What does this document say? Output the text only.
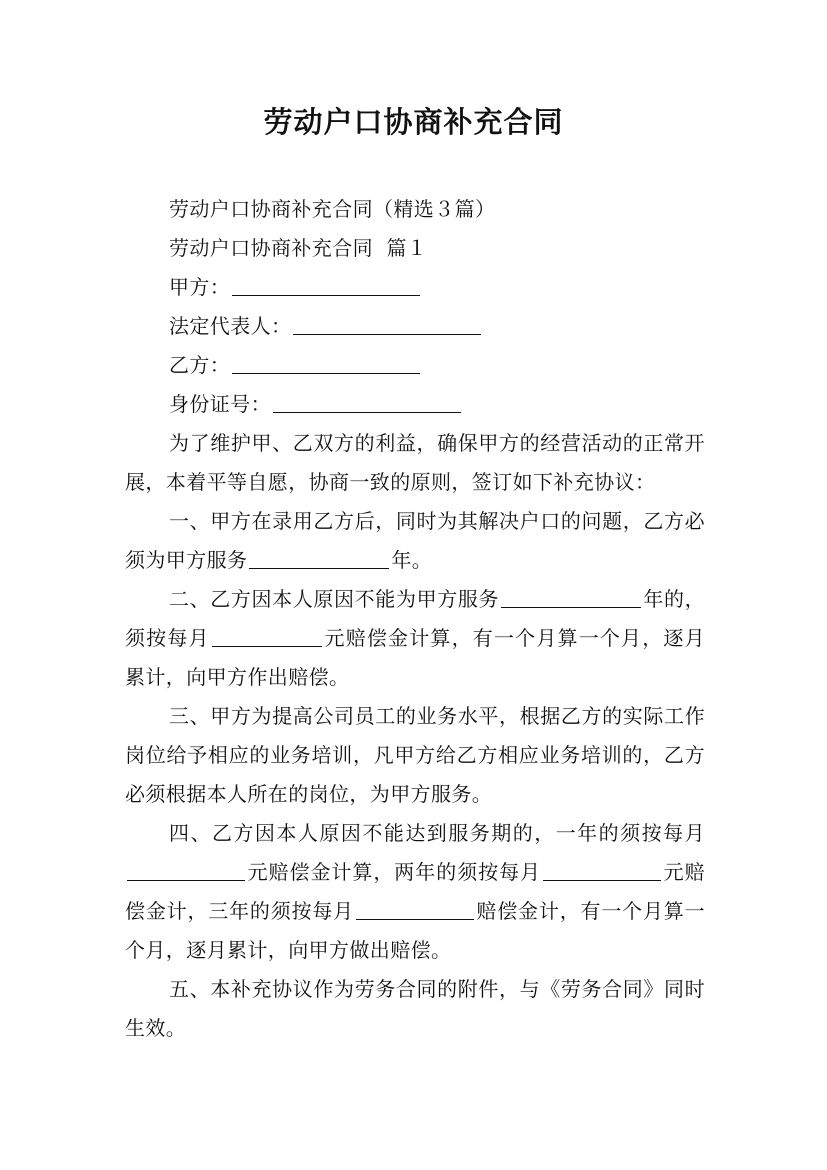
劳动户口协商补充合同

劳动户口协商补充合同（精选３篇）

劳动户口协商补充合同  篇１

甲方：

法定代表人：

乙方：

身份证号：

为了维护甲、乙双方的利益，确保甲方的经营活动的正常开展，本着平等自愿，协商一致的原则，签订如下补充协议：

一、甲方在录用乙方后，同时为其解决户口的问题，乙方必须为甲方服务	年。

二、乙方因本人原因不能为甲方服务	年的，须按每月	元赔偿金计算，有一个月算一个月，逐月累计，向甲方作出赔偿。

三、甲方为提高公司员工的业务水平，根据乙方的实际工作岗位给予相应的业务培训，凡甲方给乙方相应业务培训的，乙方必须根据本人所在的岗位，为甲方服务。

四、乙方因本人原因不能达到服务期的，一年的须按每月元赔偿金计算，两年的须按每月	元赔偿金计，三年的须按每月	赔偿金计，有一个月算一个月，逐月累计，向甲方做出赔偿。

五、本补充协议作为劳务合同的附件，与《劳务合同》同时生效。
